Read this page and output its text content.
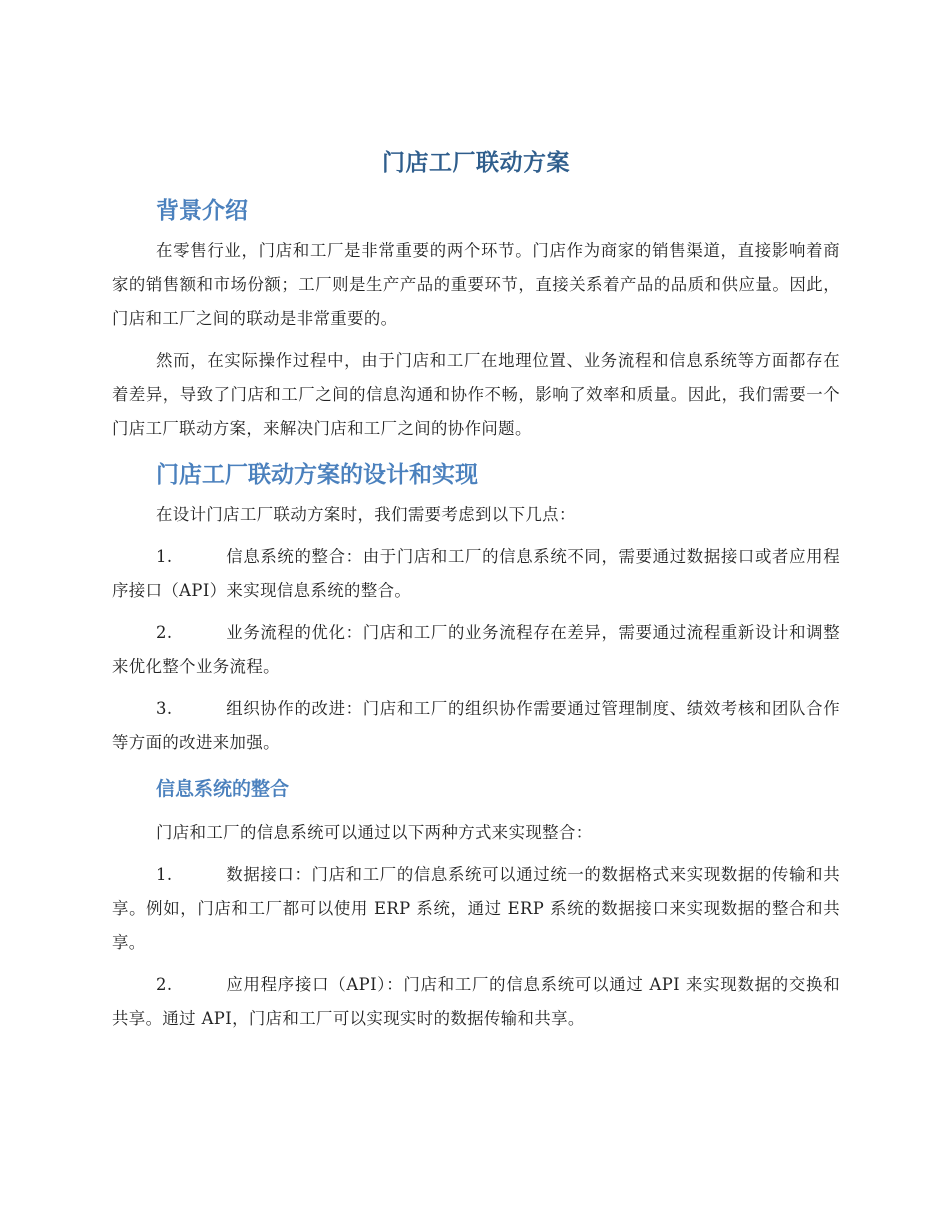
门店工厂联动方案
背景介绍

在零售行业，门店和工厂是非常重要的两个环节。门店作为商家的销售渠道，直接影响着商家的销售额和市场份额；工厂则是生产产品的重要环节，直接关系着产品的品质和供应量。因此，门店和工厂之间的联动是非常重要的。

然而，在实际操作过程中，由于门店和工厂在地理位置、业务流程和信息系统等方面都存在着差异，导致了门店和工厂之间的信息沟通和协作不畅，影响了效率和质量。因此，我们需要一个门店工厂联动方案，来解决门店和工厂之间的协作问题。

门店工厂联动方案的设计和实现

在设计门店工厂联动方案时，我们需要考虑到以下几点：

1.	信息系统的整合：由于门店和工厂的信息系统不同，需要通过数据接口或者应用程序接口（API）来实现信息系统的整合。
2.	业务流程的优化：门店和工厂的业务流程存在差异，需要通过流程重新设计和调整来优化整个业务流程。
3.	组织协作的改进：门店和工厂的组织协作需要通过管理制度、绩效考核和团队合作等方面的改进来加强。
信息系统的整合

门店和工厂的信息系统可以通过以下两种方式来实现整合：

1.	数据接口：门店和工厂的信息系统可以通过统一的数据格式来实现数据的传输和共享。例如，门店和工厂都可以使用 ERP 系统，通过 ERP 系统的数据接口来实现数据的整合和共享。
2.	应用程序接口（API）：门店和工厂的信息系统可以通过 API 来实现数据的交换和共享。通过 API，门店和工厂可以实现实时的数据传输和共享。
